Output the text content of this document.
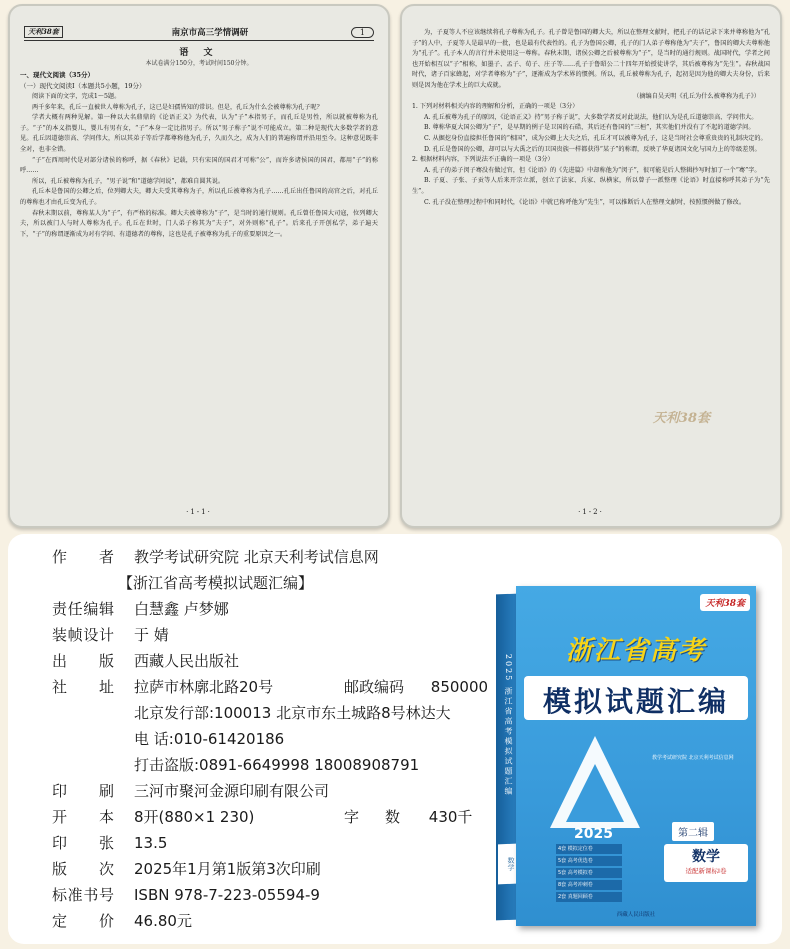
天利38套	南京市高三学情调研	1
语 文
本试卷满分150分，考试时间150分钟。
一、现代文阅读（35分）
（一）现代文阅读Ⅰ（本题共5小题，19分）

阅读下面的文字，完成1～5题。

两千多年来，孔丘一直被世人尊称为孔子，这已是妇孺皆知的常识。但是，孔丘为什么会被尊称为孔子呢？

学者大概有两种见解。第一种以大名鼎鼎的《论语正义》为代表，认为“子”本指男子，而孔丘是男性，所以就被尊称为孔子。“子”的本义指婴儿，婴儿有男有女，“子”本身一定比指男子。所以“男子称子”说不可能成立。第二种是现代大多数学者的意见。孔丘因道德崇高、学问伟大，所以其弟子等后学都尊称他为孔子，久而久之，成为人们的普遍称谓并沿用至今。这种意见既非全对，也非全错。

“子”在西周时代是对部分诸侯的称呼，据《春秋》记载，只有宋国的国君才可称“公”，而许多诸侯国的国君，都用“子”的称呼……

所以，孔丘被尊称为孔子，“男子说”和“道德学问说”，都难自圆其说。

孔丘本是鲁国的公卿之后，位列卿大夫，卿大夫受其尊称为子，所以孔丘被尊称为孔子……孔丘出任鲁国的高官之后，对孔丘的尊称也才由孔丘变为孔子。

春秋末期以前，尊称某人为“子”，有严格的标准。卿大夫被尊称为“子”，是当时的通行规则。孔丘曾任鲁国大司寇，位列卿大夫，所以被门人与时人尊称为孔子。孔丘在世时，门人弟子称其为“夫子”，对外则称“孔子”。后来孔子开创私学，弟子遍天下，“子”的称谓逐渐成为对有学问、有道德者的尊称，这也是孔子被尊称为孔子的重要原因之一。

·1-1·

为，子夏等人不应该继续将孔子尊称为孔子。孔子曾是鲁国的卿大夫，所以在整理文献时，把孔子的话记录下来并尊称他为“孔子”的人中，子夏等人是最早的一批，也是最有代表性的。孔子为鲁国公卿，孔子的门人弟子尊称他为“夫子”，鲁国的卿大夫尊称他为“孔子”。孔子本人的言行并未使用这一尊称。春秋末期，诸侯公卿之后被尊称为“子”，是当时的通行规则。战国时代，学者之间也开始相互以“子”相称，如墨子、孟子、荀子、庄子等……孔子于鲁昭公二十四年开始授徒讲学，其后被尊称为“先生”。春秋战国时代，诸子百家蜂起，对学者尊称为“子”，逐渐成为学术界的惯例。所以，孔丘被尊称为孔子，起初是因为他的卿大夫身份，后来则是因为他在学术上的巨大成就。

（摘编自吴天明《孔丘为什么被尊称为孔子》）

1. 下列对材料相关内容的理解和分析，正确的一项是（3分）

A. 孔丘被尊为孔子的原因，《论语正义》持“男子称子说”，大多数学者反对此说法，他们认为是孔丘道德崇高、学问伟大。

B. 尊称华夏大国公卿为“子”，是早期的例子是卫国的石碏，其后还有鲁国的“三桓”，其实他们并没有了不起的道德学问。

C. 从掘挖身份直接担任鲁国的“相国”，成为公卿上大夫之后，孔丘才可以被尊为孔子，这是当时社会尊重贵贵的礼制决定的。

D. 孔丘是鲁国的公卿，却可以与大禹之后的卫国贵族一样都获得“某子”的称谓，反映了华夏诸国文化与国力上的等级差别。

2. 根据材料内容，下列说法不正确的一项是（3分）

A. 孔子的弟子闵子骞没有做过官，但《论语》的《先进篇》中却称他为“闵子”，很可能是后人整辑抄写时加了一个“骞”字。

B. 子夏、子张、子贡等人后来开宗立派，创立了法家、兵家、纵横家，所以曾子一派整理《论语》时直接称呼其弟子为“先生”。

C. 孔子没在整理过程中和同时代，《论语》中就已称呼他为“先生”，可以推断后人在整理文献时，按照惯例做了修改。

天利38套
·1-2·
作 者 教学考试研究院 北京天利考试信息网
【浙江省高考模拟试题汇编】
责任编辑 白慧鑫 卢梦娜
装帧设计 于 婧
出 版 西藏人民出版社
社 址 拉萨市林廓北路20号	邮政编码 850000
北京发行部:100013 北京市东土城路8号林达大
电 话:010-61420186
打击盗版:0891-6649998 18008908791
印 刷 三河市聚河金源印刷有限公司
开 本 8开(880×1 230)	字 数 430千
印 张 13.5
版 次 2025年1月第1版第3次印刷
标准书号 ISBN 978-7-223-05594-9
定 价 46.80元
2025 浙江省高考模拟试题汇编
数学
天利38套
浙江省高考
模拟试题汇编
教学考试研究院 北京天利考试信息网
2025
4套 模拟定位卷
5套 高考优选卷
5套 高考模拟卷
8套 高考冲刺卷
2套 真题回顾卷
第二辑
数学
适配新课标Ⅰ卷
西藏人民出版社
